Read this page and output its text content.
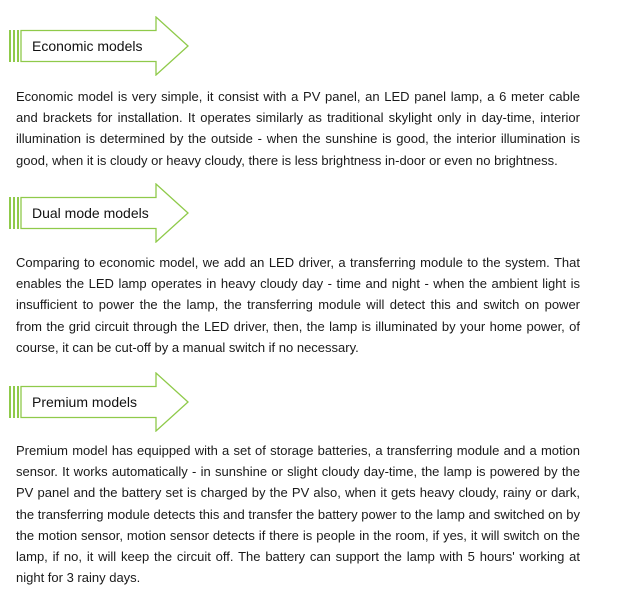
Economic models

Economic model is very simple, it consist with a PV panel, an LED panel lamp, a 6 meter cable and brackets for installation. It operates similarly as traditional skylight only in day-time, interior illumination is determined by the outside - when the sunshine is good, the interior illumination is good, when it is cloudy or heavy cloudy, there is less brightness in-door or even no brightness.

Dual mode models

Comparing to economic model, we add an LED driver, a transferring module to the system. That enables the LED lamp operates in heavy cloudy day - time and night - when the ambient light is insufficient to power the the lamp, the transferring module will detect this and switch on power from the grid circuit through the LED driver, then, the lamp is illuminated by your home power, of course, it can be cut-off by a manual switch if no necessary.

Premium models

Premium model has equipped with a set of storage batteries, a transferring module and a motion sensor. It works automatically - in sunshine or slight cloudy day-time, the lamp is powered by the PV panel and the battery set is charged by the PV also, when it gets heavy cloudy, rainy or dark, the transferring module detects this and transfer the battery power to the lamp and switched on by the motion sensor, motion sensor detects if there is people in the room, if yes, it will switch on the lamp, if no, it will keep the circuit off. The battery can support the lamp with 5 hours' working at night for 3 rainy days.
